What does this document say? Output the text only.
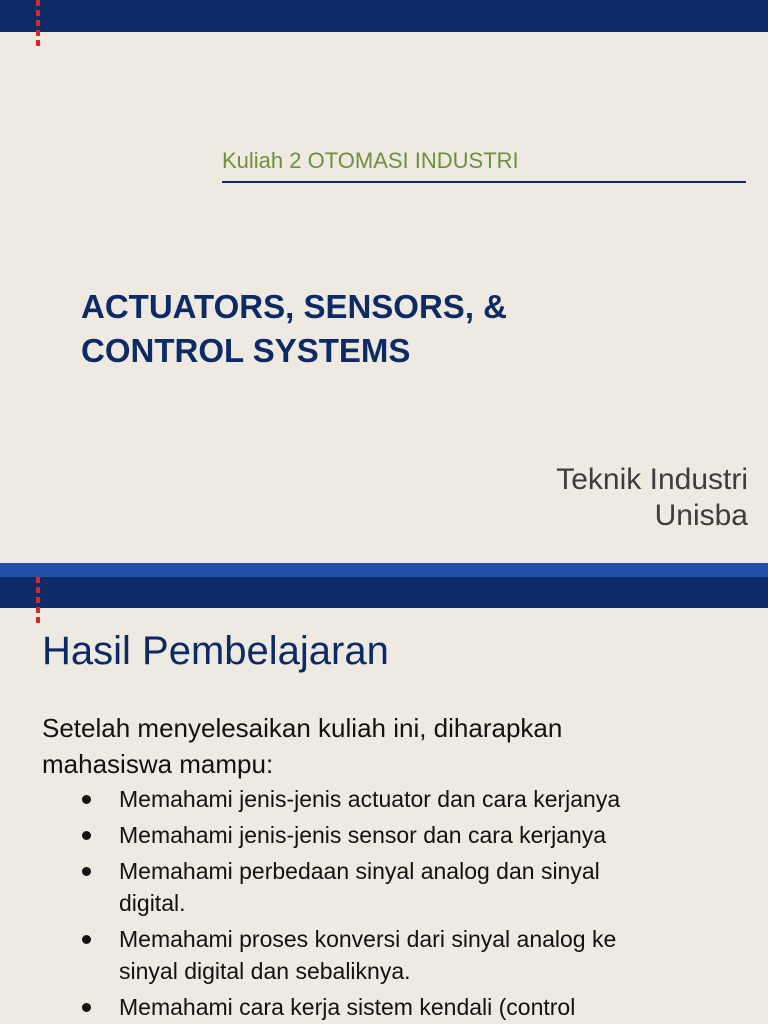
Kuliah 2 OTOMASI INDUSTRI
ACTUATORS, SENSORS, &
CONTROL SYSTEMS
Teknik Industri
Unisba
Hasil Pembelajaran
Setelah menyelesaikan kuliah ini, diharapkan
mahasiswa mampu:
Memahami jenis-jenis actuator dan cara kerjanya
Memahami jenis-jenis sensor dan cara kerjanya
Memahami perbedaan sinyal analog dan sinyal
digital.
Memahami proses konversi dari sinyal analog ke
sinyal digital dan sebaliknya.
Memahami cara kerja sistem kendali (control
